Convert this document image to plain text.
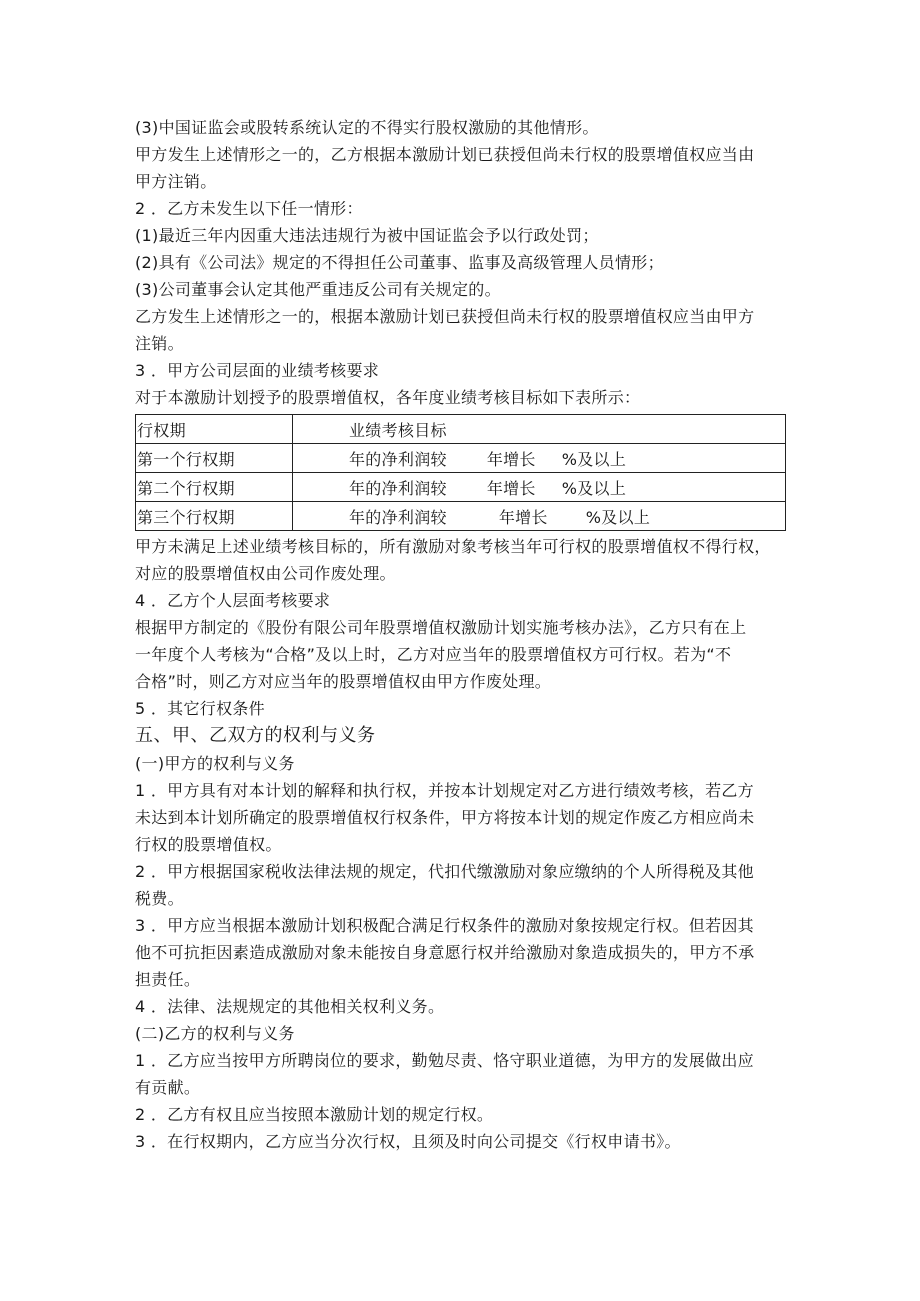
(3)中国证监会或股转系统认定的不得实行股权激励的其他情形。
甲方发生上述情形之一的，乙方根据本激励计划已获授但尚未行权的股票增值权应当由
甲方注销。
2 ．乙方未发生以下任一情形：
(1)最近三年内因重大违法违规行为被中国证监会予以行政处罚；
(2)具有《公司法》规定的不得担任公司董事、监事及高级管理人员情形；
(3)公司董事会认定其他严重违反公司有关规定的。
乙方发生上述情形之一的，根据本激励计划已获授但尚未行权的股票增值权应当由甲方
注销。
3 ．甲方公司层面的业绩考核要求
对于本激励计划授予的股票增值权，各年度业绩考核目标如下表所示：
行权期	业绩考核目标
第一个行权期	年的净利润较 年增长 %及以上
第二个行权期	年的净利润较 年增长 %及以上
第三个行权期	年的净利润较 年增长 %及以上
甲方未满足上述业绩考核目标的，所有激励对象考核当年可行权的股票增值权不得行权，
对应的股票增值权由公司作废处理。
4 ．乙方个人层面考核要求
根据甲方制定的《股份有限公司年股票增值权激励计划实施考核办法》，乙方只有在上
一年度个人考核为“合格”及以上时，乙方对应当年的股票增值权方可行权。若为“不
合格”时，则乙方对应当年的股票增值权由甲方作废处理。
5 ．其它行权条件
五、甲、乙双方的权利与义务
(一)甲方的权利与义务
1 ．甲方具有对本计划的解释和执行权，并按本计划规定对乙方进行绩效考核，若乙方
未达到本计划所确定的股票增值权行权条件，甲方将按本计划的规定作废乙方相应尚未
行权的股票增值权。
2 ．甲方根据国家税收法律法规的规定，代扣代缴激励对象应缴纳的个人所得税及其他
税费。
3 ．甲方应当根据本激励计划积极配合满足行权条件的激励对象按规定行权。但若因其
他不可抗拒因素造成激励对象未能按自身意愿行权并给激励对象造成损失的，甲方不承
担责任。
4 ．法律、法规规定的其他相关权利义务。
(二)乙方的权利与义务
1 ．乙方应当按甲方所聘岗位的要求，勤勉尽责、恪守职业道德，为甲方的发展做出应
有贡献。
2 ．乙方有权且应当按照本激励计划的规定行权。
3 ．在行权期内，乙方应当分次行权，且须及时向公司提交《行权申请书》。
